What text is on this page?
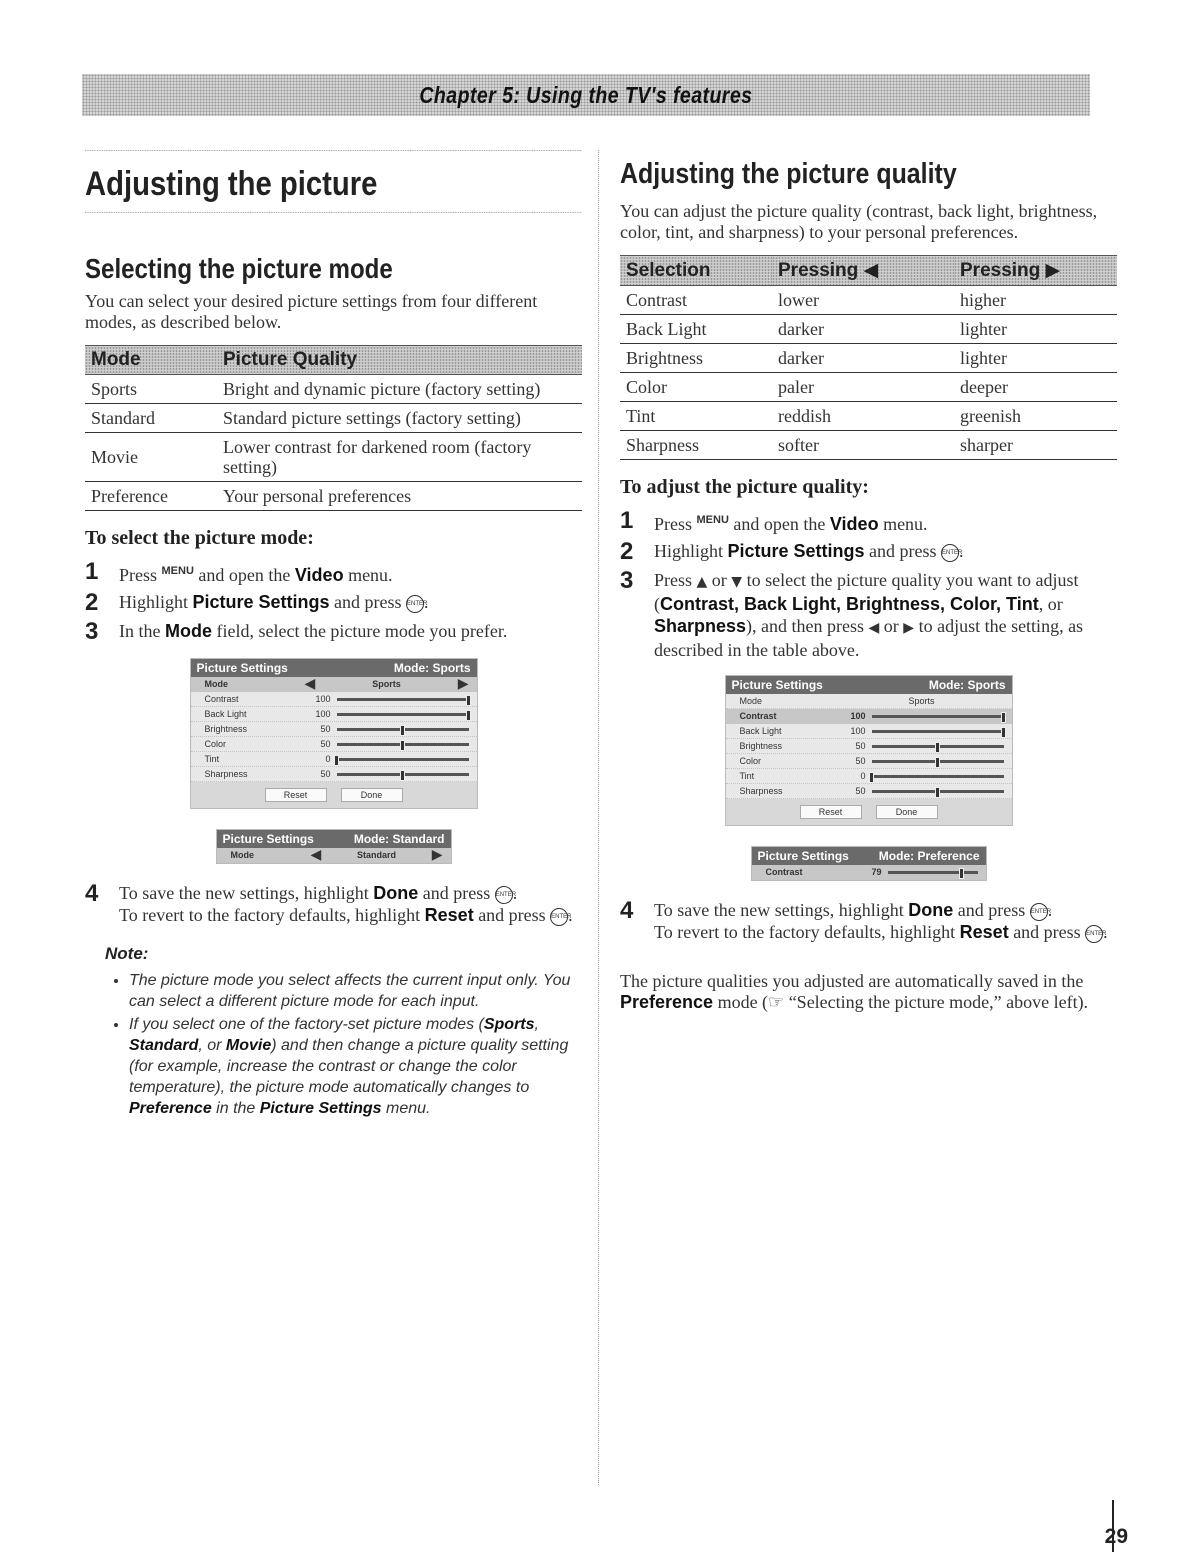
Chapter 5: Using the TV's features
Adjusting the picture
Selecting the picture mode

You can select your desired picture settings from four different modes, as described below.

Mode	Picture Quality
Sports	Bright and dynamic picture (factory setting)
Standard	Standard picture settings (factory setting)
Movie	Lower contrast for darkened room (factory setting)
Preference	Your personal preferences
To select the picture mode:
1	Press $^{MENU}$ and open the Video menu.
2	Highlight Picture Settings and press ENTER.
3	In the Mode field, select the picture mode you prefer.
Picture Settings	Mode: Sports
Mode	◀	Sports	▶
Contrast	100
Back Light	100
Brightness	50
Color	50
Tint	0
Sharpness	50
Reset	Done
Picture Settings	Mode: Standard
Mode	◀	Standard	▶
4	To save the new settings, highlight Done and press ENTER.
To revert to the factory defaults, highlight Reset and press ENTER.
Note:
• The picture mode you select affects the current input only. You can select a different picture mode for each input.
• If you select one of the factory-set picture modes (Sports, Standard, or Movie) and then change a picture quality setting (for example, increase the contrast or change the color temperature), the picture mode automatically changes to Preference in the Picture Settings menu.
Adjusting the picture quality

You can adjust the picture quality (contrast, back light, brightness, color, tint, and sharpness) to your personal preferences.

Selection	Pressing ◀	Pressing ▶
Contrast	lower	higher
Back Light	darker	lighter
Brightness	darker	lighter
Color	paler	deeper
Tint	reddish	greenish
Sharpness	softer	sharper
To adjust the picture quality:
1	Press $^{MENU}$ and open the Video menu.
2	Highlight Picture Settings and press ENTER.
3	Press ▲ or ▼ to select the picture quality you want to adjust (Contrast, Back Light, Brightness, Color, Tint, or Sharpness), and then press ◀ or ▶ to adjust the setting, as described in the table above.
Picture Settings	Mode: Sports
Mode	Sports
Contrast	100
Back Light	100
Brightness	50
Color	50
Tint	0
Sharpness	50
Reset	Done
Picture Settings Mode: Preference
Contrast	79
4	To save the new settings, highlight Done and press ENTER.
To revert to the factory defaults, highlight Reset and press ENTER.

The picture qualities you adjusted are automatically saved in the Preference mode (☞ “Selecting the picture mode,” above left).

29
